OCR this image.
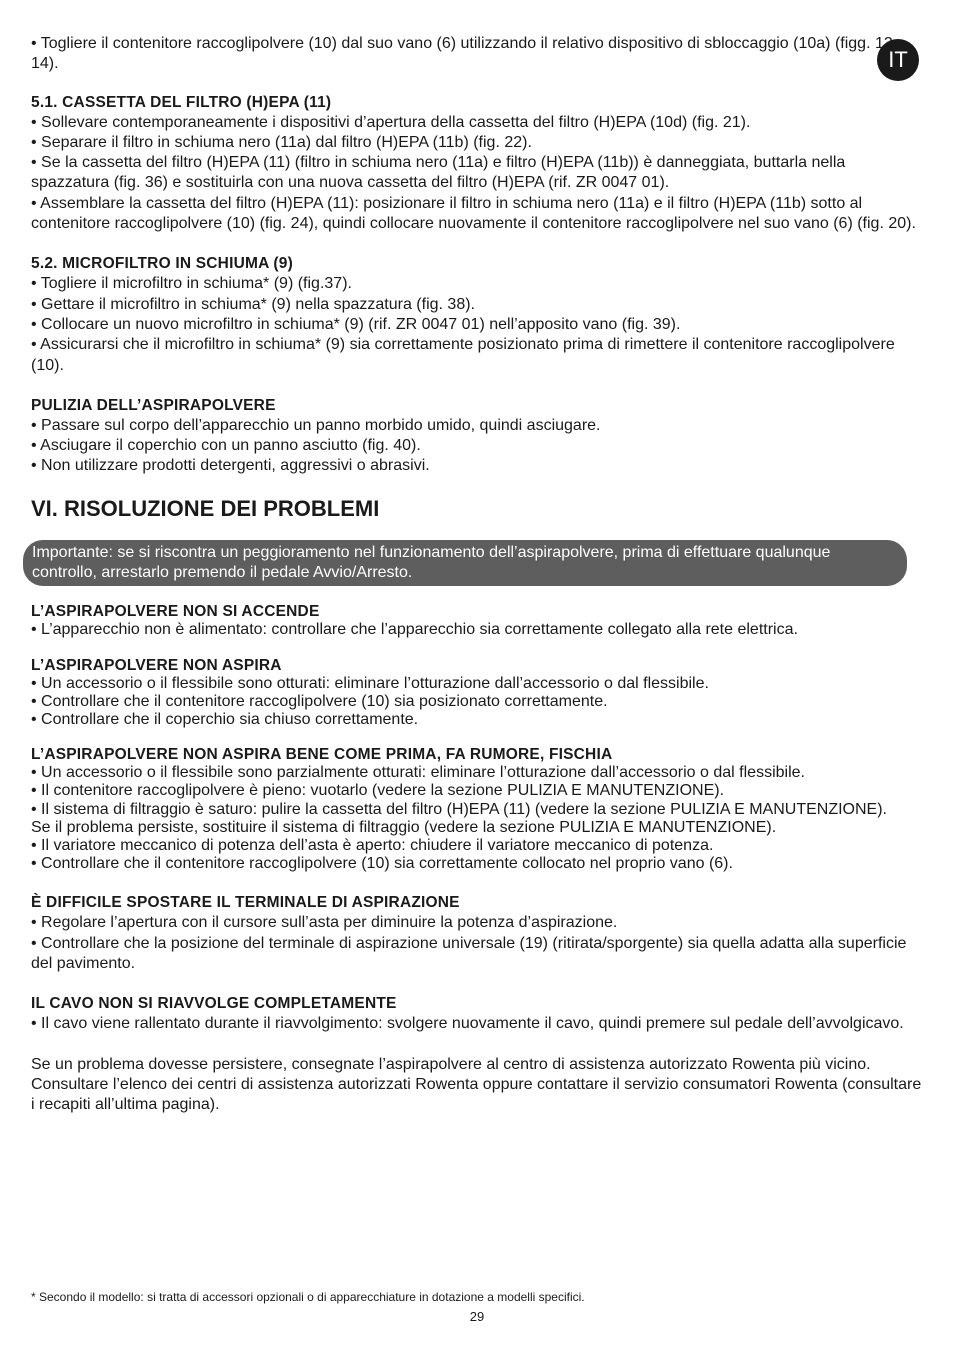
IT

• Togliere il contenitore raccoglipolvere (10) dal suo vano (6) utilizzando il relativo dispositivo di sbloccaggio (10a) (figg. 13-14).

5.1. CASSETTA DEL FILTRO (H)EPA (11)

• Sollevare contemporaneamente i dispositivi d’apertura della cassetta del filtro (H)EPA (10d) (fig. 21).

• Separare il filtro in schiuma nero (11a) dal filtro (H)EPA (11b) (fig. 22).

• Se la cassetta del filtro (H)EPA (11) (filtro in schiuma nero (11a) e filtro (H)EPA (11b)) è danneggiata, buttarla nella spazzatura (fig. 36) e sostituirla con una nuova cassetta del filtro (H)EPA (rif. ZR 0047 01).

• Assemblare la cassetta del filtro (H)EPA (11): posizionare il filtro in schiuma nero (11a) e il filtro (H)EPA (11b) sotto al contenitore raccoglipolvere (10) (fig. 24), quindi collocare nuovamente il contenitore raccoglipolvere nel suo vano (6) (fig. 20).

5.2. MICROFILTRO IN SCHIUMA (9)

• Togliere il microfiltro in schiuma* (9) (fig.37).

• Gettare il microfiltro in schiuma* (9) nella spazzatura (fig. 38).

• Collocare un nuovo microfiltro in schiuma* (9) (rif. ZR 0047 01) nell’apposito vano (fig. 39).

• Assicurarsi che il microfiltro in schiuma* (9) sia correttamente posizionato prima di rimettere il contenitore raccoglipolvere (10).

PULIZIA DELL’ASPIRAPOLVERE

• Passare sul corpo dell’apparecchio un panno morbido umido, quindi asciugare.

• Asciugare il coperchio con un panno asciutto (fig. 40).

• Non utilizzare prodotti detergenti, aggressivi o abrasivi.

VI. RISOLUZIONE DEI PROBLEMI
Importante: se si riscontra un peggioramento nel funzionamento dell’aspirapolvere, prima di effettuare qualunque controllo, arrestarlo premendo il pedale Avvio/Arresto.
L’ASPIRAPOLVERE NON SI ACCENDE

• L’apparecchio non è alimentato: controllare che l’apparecchio sia correttamente collegato alla rete elettrica.

L’ASPIRAPOLVERE NON ASPIRA

• Un accessorio o il flessibile sono otturati: eliminare l’otturazione dall’accessorio o dal flessibile.

• Controllare che il contenitore raccoglipolvere (10) sia posizionato correttamente.

• Controllare che il coperchio sia chiuso correttamente.

L’ASPIRAPOLVERE NON ASPIRA BENE COME PRIMA, FA RUMORE, FISCHIA

• Un accessorio o il flessibile sono parzialmente otturati: eliminare l’otturazione dall’accessorio o dal flessibile.

• Il contenitore raccoglipolvere è pieno: vuotarlo (vedere la sezione PULIZIA E MANUTENZIONE).

• Il sistema di filtraggio è saturo: pulire la cassetta del filtro (H)EPA (11) (vedere la sezione PULIZIA E MANUTENZIONE).

Se il problema persiste, sostituire il sistema di filtraggio (vedere la sezione PULIZIA E MANUTENZIONE).

• Il variatore meccanico di potenza dell’asta è aperto: chiudere il variatore meccanico di potenza.

• Controllare che il contenitore raccoglipolvere (10) sia correttamente collocato nel proprio vano (6).

È DIFFICILE SPOSTARE IL TERMINALE DI ASPIRAZIONE

• Regolare l’apertura con il cursore sull’asta per diminuire la potenza d’aspirazione.

• Controllare che la posizione del terminale di aspirazione universale (19) (ritirata/sporgente) sia quella adatta alla superficie del pavimento.

IL CAVO NON SI RIAVVOLGE COMPLETAMENTE

• Il cavo viene rallentato durante il riavvolgimento: svolgere nuovamente il cavo, quindi premere sul pedale dell’avvolgicavo.

Se un problema dovesse persistere, consegnate l’aspirapolvere al centro di assistenza autorizzato Rowenta più vicino.

Consultare l’elenco dei centri di assistenza autorizzati Rowenta oppure contattare il servizio consumatori Rowenta (consultare i recapiti all’ultima pagina).

* Secondo il modello: si tratta di accessori opzionali o di apparecchiature in dotazione a modelli specifici.
29
